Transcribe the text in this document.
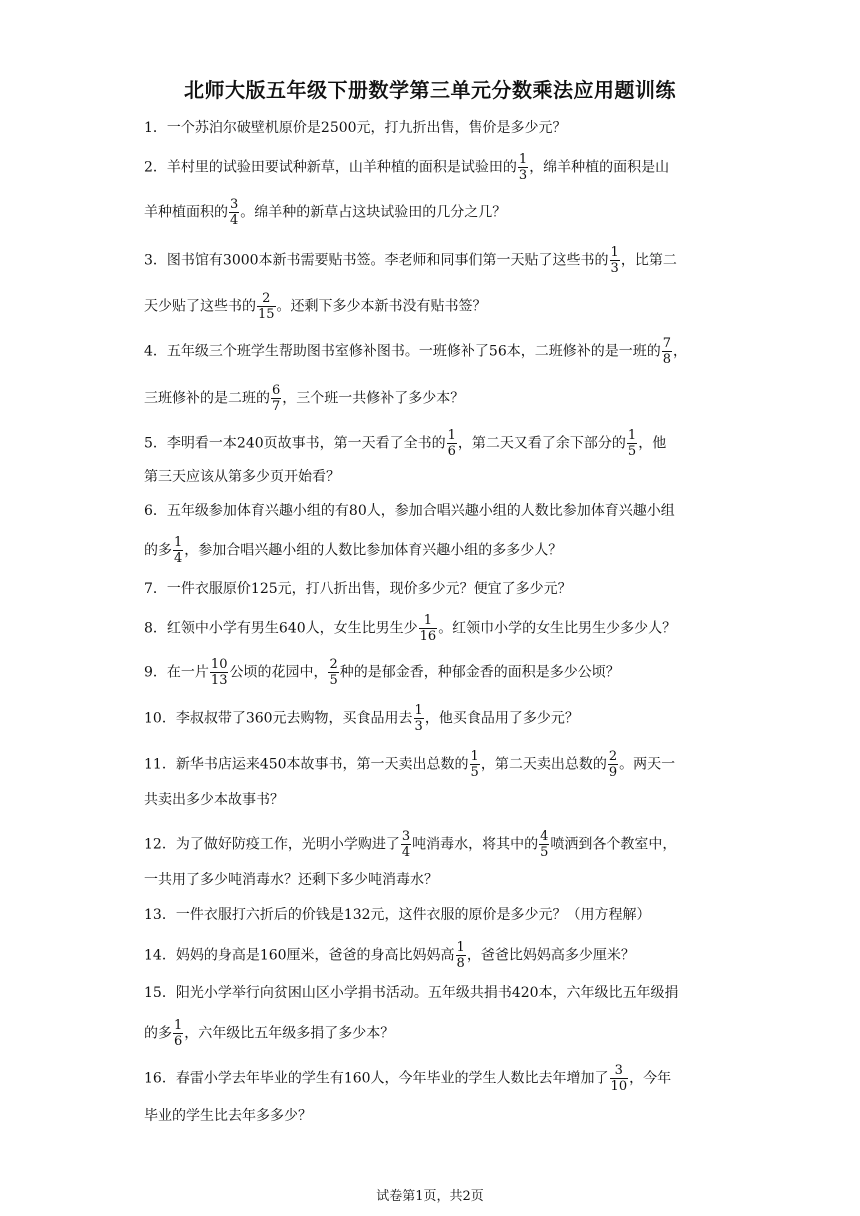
北师大版五年级下册数学第三单元分数乘法应用题训练
1．一个苏泊尔破壁机原价是2500元，打九折出售，售价是多少元？
2．羊村里的试验田要试种新草，山羊种植的面积是试验田的 $\frac{1}{3}$ ，绵羊种植的面积是山
羊种植面积的 $\frac{3}{4}$ 。绵羊种的新草占这块试验田的几分之几？
3．图书馆有3000本新书需要贴书签。李老师和同事们第一天贴了这些书的 $\frac{1}{3}$ ，比第二
天少贴了这些书的 $\frac{2}{15}$ 。还剩下多少本新书没有贴书签？
4．五年级三个班学生帮助图书室修补图书。一班修补了56本，二班修补的是一班的 $\frac{7}{8}$ ，
三班修补的是二班的 $\frac{6}{7}$ ，三个班一共修补了多少本？
5．李明看一本240页故事书，第一天看了全书的 $\frac{1}{6}$ ，第二天又看了余下部分的 $\frac{1}{5}$ ，他
第三天应该从第多少页开始看？
6．五年级参加体育兴趣小组的有80人，参加合唱兴趣小组的人数比参加体育兴趣小组
的多 $\frac{1}{4}$ ，参加合唱兴趣小组的人数比参加体育兴趣小组的多多少人？
7．一件衣服原价125元，打八折出售，现价多少元？便宜了多少元？
8．红领中小学有男生640人，女生比男生少 $\frac{1}{16}$ 。红领巾小学的女生比男生少多少人？
9．在一片 $\frac{10}{13}$ 公顷的花园中， $\frac{2}{5}$ 种的是郁金香，种郁金香的面积是多少公顷？
10．李叔叔带了360元去购物，买食品用去 $\frac{1}{3}$ ，他买食品用了多少元？
11．新华书店运来450本故事书，第一天卖出总数的 $\frac{1}{5}$ ，第二天卖出总数的 $\frac{2}{9}$ 。两天一
共卖出多少本故事书？
12．为了做好防疫工作，光明小学购进了 $\frac{3}{4}$ 吨消毒水，将其中的 $\frac{4}{5}$ 喷洒到各个教室中，
一共用了多少吨消毒水？还剩下多少吨消毒水？
13．一件衣服打六折后的价钱是132元，这件衣服的原价是多少元？（用方程解）
14．妈妈的身高是160厘米，爸爸的身高比妈妈高 $\frac{1}{8}$ ，爸爸比妈妈高多少厘米？
15．阳光小学举行向贫困山区小学捐书活动。五年级共捐书420本，六年级比五年级捐
的多 $\frac{1}{6}$ ，六年级比五年级多捐了多少本？
16．春雷小学去年毕业的学生有160人，今年毕业的学生人数比去年增加了 $\frac{3}{10}$ ，今年
毕业的学生比去年多多少？
试卷第1页，共2页
